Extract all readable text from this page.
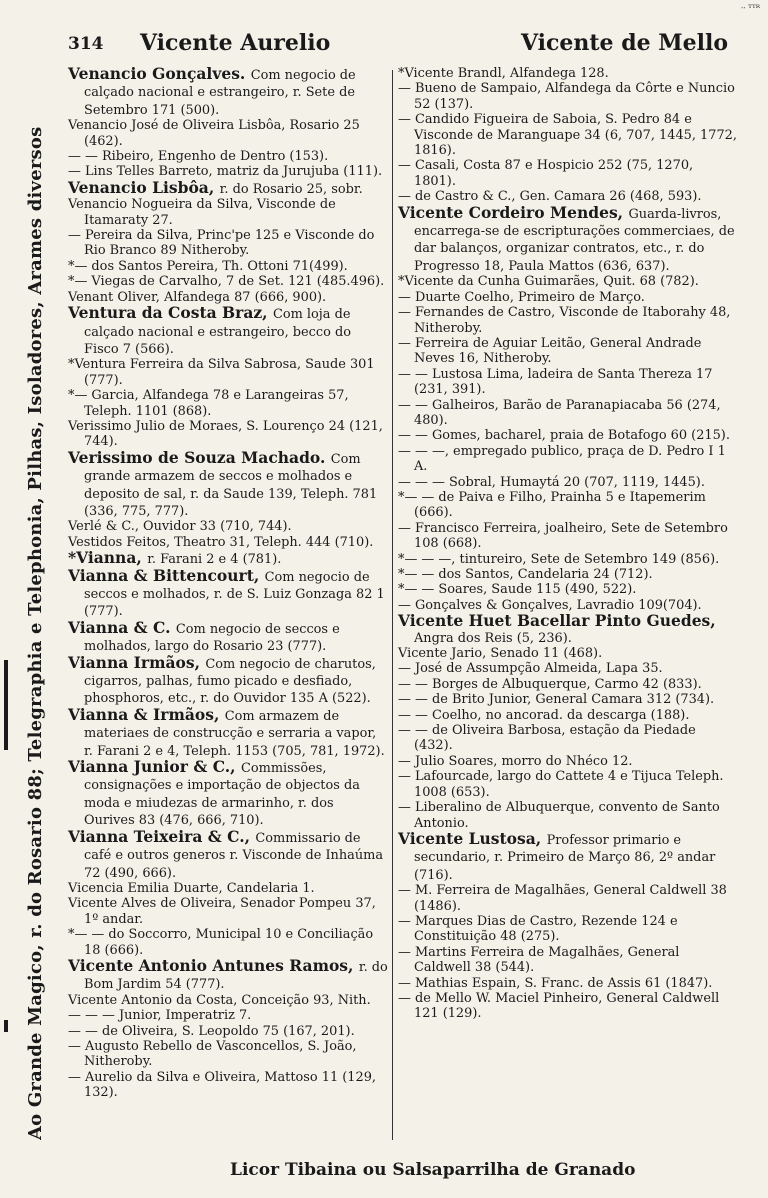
ᐧᐧ ᵀᵀᴿ
Ao Grande Magico, r. do Rosario 88; Telegraphia e Telephonia, Pilhas, Isoladores, Arames diversos
314 Vicente Aurelio	Vicente de Mello

Venancio Gonçalves. Com negocio de calçado nacional e estrangeiro, r. Sete de Setembro 171 (500).

Venancio José de Oliveira Lisbôa, Rosario 25 (462).

— — Ribeiro, Engenho de Dentro (153).

— Lins Telles Barreto, matriz da Jurujuba (111).

Venancio Lisbôa, r. do Rosario 25, sobr.

Venancio Nogueira da Silva, Visconde de Itamaraty 27.

— Pereira da Silva, Princ'pe 125 e Visconde do Rio Branco 89 Nitheroby.

*— dos Santos Pereira, Th. Ottoni 71(499).

*— Viegas de Carvalho, 7 de Set. 121 (485.496).

Venant Oliver, Alfandega 87 (666, 900).

Ventura da Costa Braz, Com loja de calçado nacional e estrangeiro, becco do Fisco 7 (566).

*Ventura Ferreira da Silva Sabrosa, Saude 301 (777).

*— Garcia, Alfandega 78 e Larangeiras 57, Teleph. 1101 (868).

Verissimo Julio de Moraes, S. Lourenço 24 (121, 744).

Verissimo de Souza Machado. Com grande armazem de seccos e molhados e deposito de sal, r. da Saude 139, Teleph. 781 (336, 775, 777).

Verlé & C., Ouvidor 33 (710, 744).

Vestidos Feitos, Theatro 31, Teleph. 444 (710).

*Vianna, r. Farani 2 e 4 (781).

Vianna & Bittencourt, Com negocio de seccos e molhados, r. de S. Luiz Gonzaga 82 1 (777).

Vianna & C. Com negocio de seccos e molhados, largo do Rosario 23 (777).

Vianna Irmãos, Com negocio de charutos, cigarros, palhas, fumo picado e desfiado, phosphoros, etc., r. do Ouvidor 135 A (522).

Vianna & Irmãos, Com armazem de materiaes de construcção e serraria a vapor, r. Farani 2 e 4, Teleph. 1153 (705, 781, 1972).

Vianna Junior & C., Commissões, consignações e importação de objectos da moda e miudezas de armarinho, r. dos Ourives 83 (476, 666, 710).

Vianna Teixeira & C., Commissario de café e outros generos r. Visconde de Inhaúma 72 (490, 666).

Vicencia Emilia Duarte, Candelaria 1.

Vicente Alves de Oliveira, Senador Pompeu 37, 1º andar.

*— — do Soccorro, Municipal 10 e Conciliação 18 (666).

Vicente Antonio Antunes Ramos, r. do Bom Jardim 54 (777).

Vicente Antonio da Costa, Conceição 93, Nith.

— — — Junior, Imperatriz 7.

— — de Oliveira, S. Leopoldo 75 (167, 201).

— Augusto Rebello de Vasconcellos, S. João, Nitheroby.

— Aurelio da Silva e Oliveira, Mattoso 11 (129, 132).

*Vicente Brandl, Alfandega 128.

— Bueno de Sampaio, Alfandega da Côrte e Nuncio 52 (137).

— Candido Figueira de Saboia, S. Pedro 84 e Visconde de Maranguape 34 (6, 707, 1445, 1772, 1816).

— Casali, Costa 87 e Hospicio 252 (75, 1270, 1801).

— de Castro & C., Gen. Camara 26 (468, 593).

Vicente Cordeiro Mendes, Guarda-livros, encarrega-se de escripturações commerciaes, de dar balanços, organizar contratos, etc., r. do Progresso 18, Paula Mattos (636, 637).

*Vicente da Cunha Guimarães, Quit. 68 (782).

— Duarte Coelho, Primeiro de Março.

— Fernandes de Castro, Visconde de Itaborahy 48, Nitheroby.

— Ferreira de Aguiar Leitão, General Andrade Neves 16, Nitheroby.

— — Lustosa Lima, ladeira de Santa Thereza 17 (231, 391).

— — Galheiros, Barão de Paranapiacaba 56 (274, 480).

— — Gomes, bacharel, praia de Botafogo 60 (215).

— — —, empregado publico, praça de D. Pedro I 1 A.

— — — Sobral, Humaytá 20 (707, 1119, 1445).

*— — de Paiva e Filho, Prainha 5 e Itapemerim (666).

— Francisco Ferreira, joalheiro, Sete de Setembro 108 (668).

*— — —, tintureiro, Sete de Setembro 149 (856).

*— — dos Santos, Candelaria 24 (712).

*— — Soares, Saude 115 (490, 522).

— Gonçalves & Gonçalves, Lavradio 109(704).

Vicente Huet Bacellar Pinto Guedes, Angra dos Reis (5, 236).

Vicente Jario, Senado 11 (468).

— José de Assumpção Almeida, Lapa 35.

— — Borges de Albuquerque, Carmo 42 (833).

— — de Brito Junior, General Camara 312 (734).

— — Coelho, no ancorad. da descarga (188).

— — de Oliveira Barbosa, estação da Piedade (432).

— Julio Soares, morro do Nhéco 12.

— Lafourcade, largo do Cattete 4 e Tijuca Teleph. 1008 (653).

— Liberalino de Albuquerque, convento de Santo Antonio.

Vicente Lustosa, Professor primario e secundario, r. Primeiro de Março 86, 2º andar (716).

— M. Ferreira de Magalhães, General Caldwell 38 (1486).

— Marques Dias de Castro, Rezende 124 e Constituição 48 (275).

— Martins Ferreira de Magalhães, General Caldwell 38 (544).

— Mathias Espain, S. Franc. de Assis 61 (1847).

— de Mello W. Maciel Pinheiro, General Caldwell 121 (129).

Licor Tibaina ou Salsaparrilha de Granado
